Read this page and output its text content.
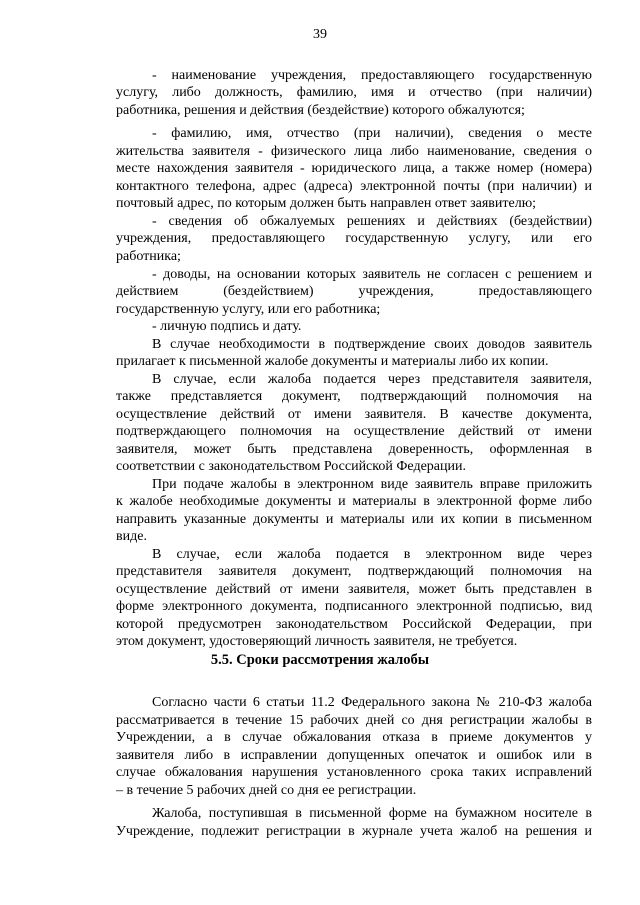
39
5.5. Сроки рассмотрения жалобы
- наименование учреждения, предоставляющего государственную
услугу, либо должность, фамилию, имя и отчество (при наличии)
работника, решения и действия (бездействие) которого обжалуются;
- фамилию, имя, отчество (при наличии), сведения о месте
жительства заявителя - физического лица либо наименование, сведения о
месте нахождения заявителя - юридического лица, а также номер (номера)
контактного телефона, адрес (адреса) электронной почты (при наличии) и
почтовый адрес, по которым должен быть направлен ответ заявителю;
- сведения об обжалуемых решениях и действиях (бездействии)
учреждения, предоставляющего государственную услугу, или его
работника;
- доводы, на основании которых заявитель не согласен с решением и
действием (бездействием) учреждения, предоставляющего
государственную услугу, или его работника;
- личную подпись и дату.
В случае необходимости в подтверждение своих доводов заявитель
прилагает к письменной жалобе документы и материалы либо их копии.
В случае, если жалоба подается через представителя заявителя,
также представляется документ, подтверждающий полномочия на
осуществление действий от имени заявителя. В качестве документа,
подтверждающего полномочия на осуществление действий от имени
заявителя, может быть представлена доверенность, оформленная в
соответствии с законодательством Российской Федерации.
При подаче жалобы в электронном виде заявитель вправе приложить
к жалобе необходимые документы и материалы в электронной форме либо
направить указанные документы и материалы или их копии в письменном
виде.
В случае, если жалоба подается в электронном виде через
представителя заявителя документ, подтверждающий полномочия на
осуществление действий от имени заявителя, может быть представлен в
форме электронного документа, подписанного электронной подписью, вид
которой предусмотрен законодательством Российской Федерации, при
этом документ, удостоверяющий личность заявителя, не требуется.
Согласно части 6 статьи 11.2 Федерального закона № 210-ФЗ жалоба
рассматривается в течение 15 рабочих дней со дня регистрации жалобы в
Учреждении, а в случае обжалования отказа в приеме документов у
заявителя либо в исправлении допущенных опечаток и ошибок или в
случае обжалования нарушения установленного срока таких исправлений
– в течение 5 рабочих дней со дня ее регистрации.
Жалоба, поступившая в письменной форме на бумажном носителе в
Учреждение, подлежит регистрации в журнале учета жалоб на решения и
